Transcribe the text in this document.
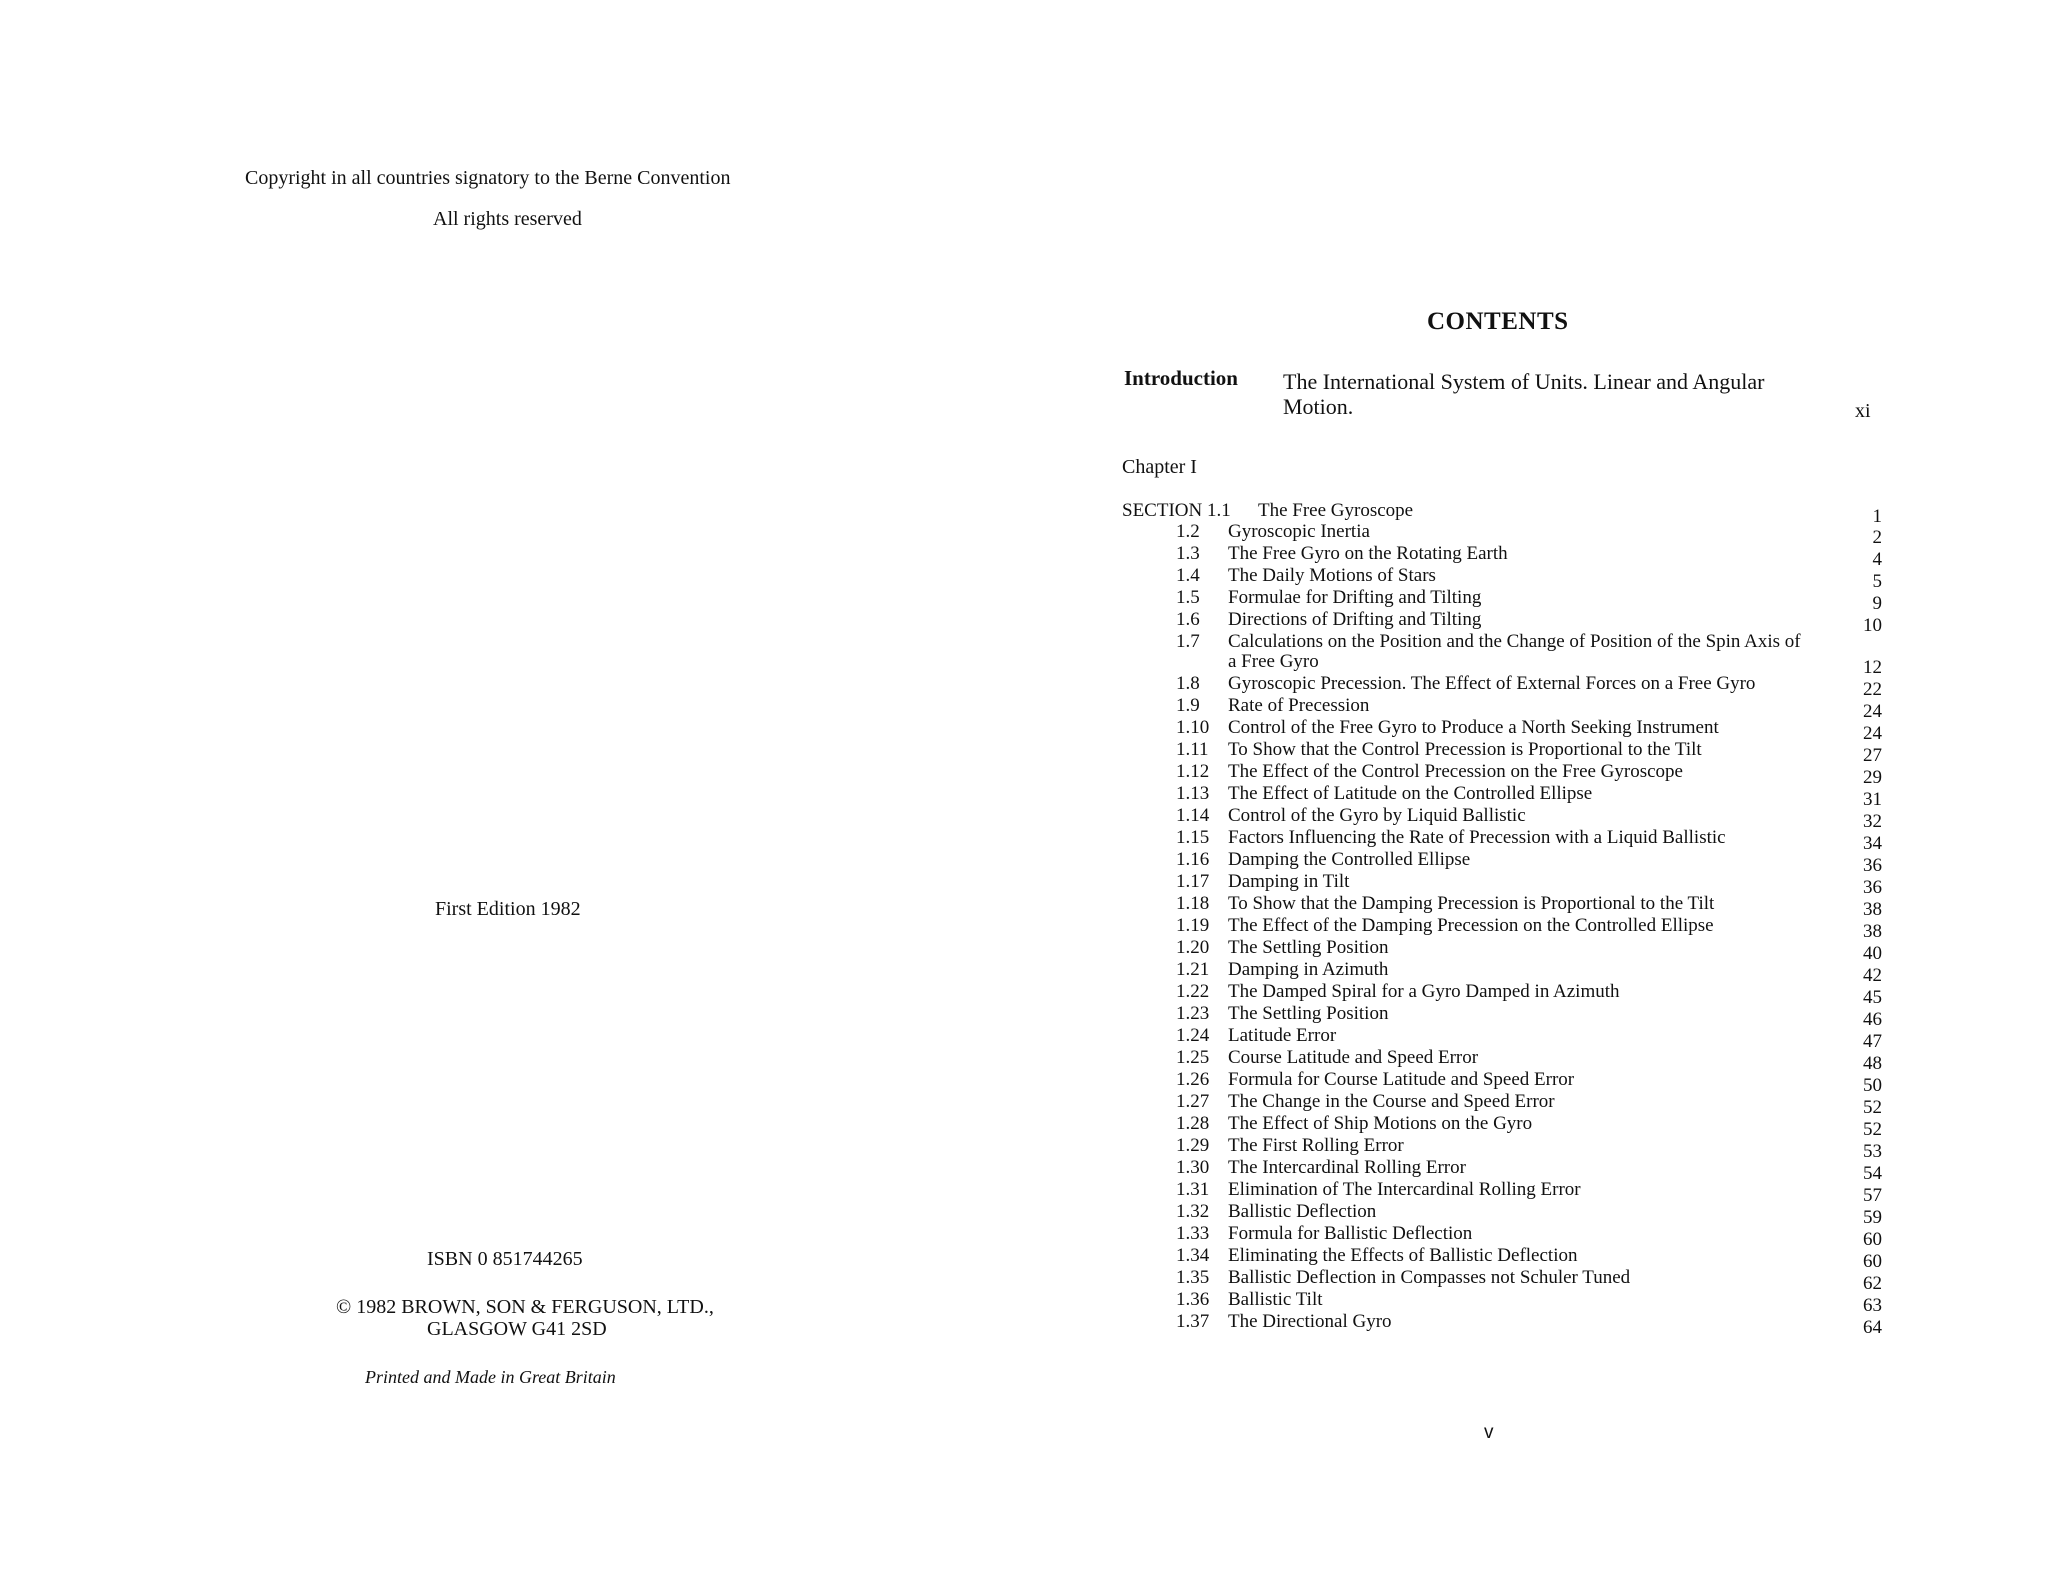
Copyright in all countries signatory to the Berne Convention
All rights reserved
First Edition 1982
ISBN 0 851744265
© 1982 BROWN, SON & FERGUSON, LTD.,
GLASGOW G41 2SD
Printed and Made in Great Britain
CONTENTS
Introduction The International System of Units. Linear and Angular Motion.	xi
Chapter I
SECTION 1.1 The Free Gyroscope	1
1.2	Gyroscopic Inertia	2
1.3	The Free Gyro on the Rotating Earth	4
1.4	The Daily Motions of Stars	5
1.5	Formulae for Drifting and Tilting	9
1.6	Directions of Drifting and Tilting	10
1.7	Calculations on the Position and the Change of Position of the Spin Axis of a Free Gyro	12
1.8	Gyroscopic Precession. The Effect of External Forces on a Free Gyro	22
1.9	Rate of Precession	24
1.10 Control of the Free Gyro to Produce a North Seeking Instrument	24
1.11 To Show that the Control Precession is Proportional to the Tilt	27
1.12 The Effect of the Control Precession on the Free Gyroscope	29
1.13 The Effect of Latitude on the Controlled Ellipse	31
1.14 Control of the Gyro by Liquid Ballistic	32
1.15 Factors Influencing the Rate of Precession with a Liquid Ballistic	34
1.16 Damping the Controlled Ellipse	36
1.17 Damping in Tilt	36
1.18 To Show that the Damping Precession is Proportional to the Tilt	38
1.19 The Effect of the Damping Precession on the Controlled Ellipse	38
1.20 The Settling Position	40
1.21 Damping in Azimuth	42
1.22 The Damped Spiral for a Gyro Damped in Azimuth	45
1.23 The Settling Position	46
1.24 Latitude Error	47
1.25 Course Latitude and Speed Error	48
1.26 Formula for Course Latitude and Speed Error	50
1.27 The Change in the Course and Speed Error	52
1.28 The Effect of Ship Motions on the Gyro	52
1.29 The First Rolling Error	53
1.30 The Intercardinal Rolling Error	54
1.31 Elimination of The Intercardinal Rolling Error	57
1.32 Ballistic Deflection	59
1.33 Formula for Ballistic Deflection	60
1.34 Eliminating the Effects of Ballistic Deflection	60
1.35 Ballistic Deflection in Compasses not Schuler Tuned	62
1.36 Ballistic Tilt	63
1.37 The Directional Gyro	64
v
